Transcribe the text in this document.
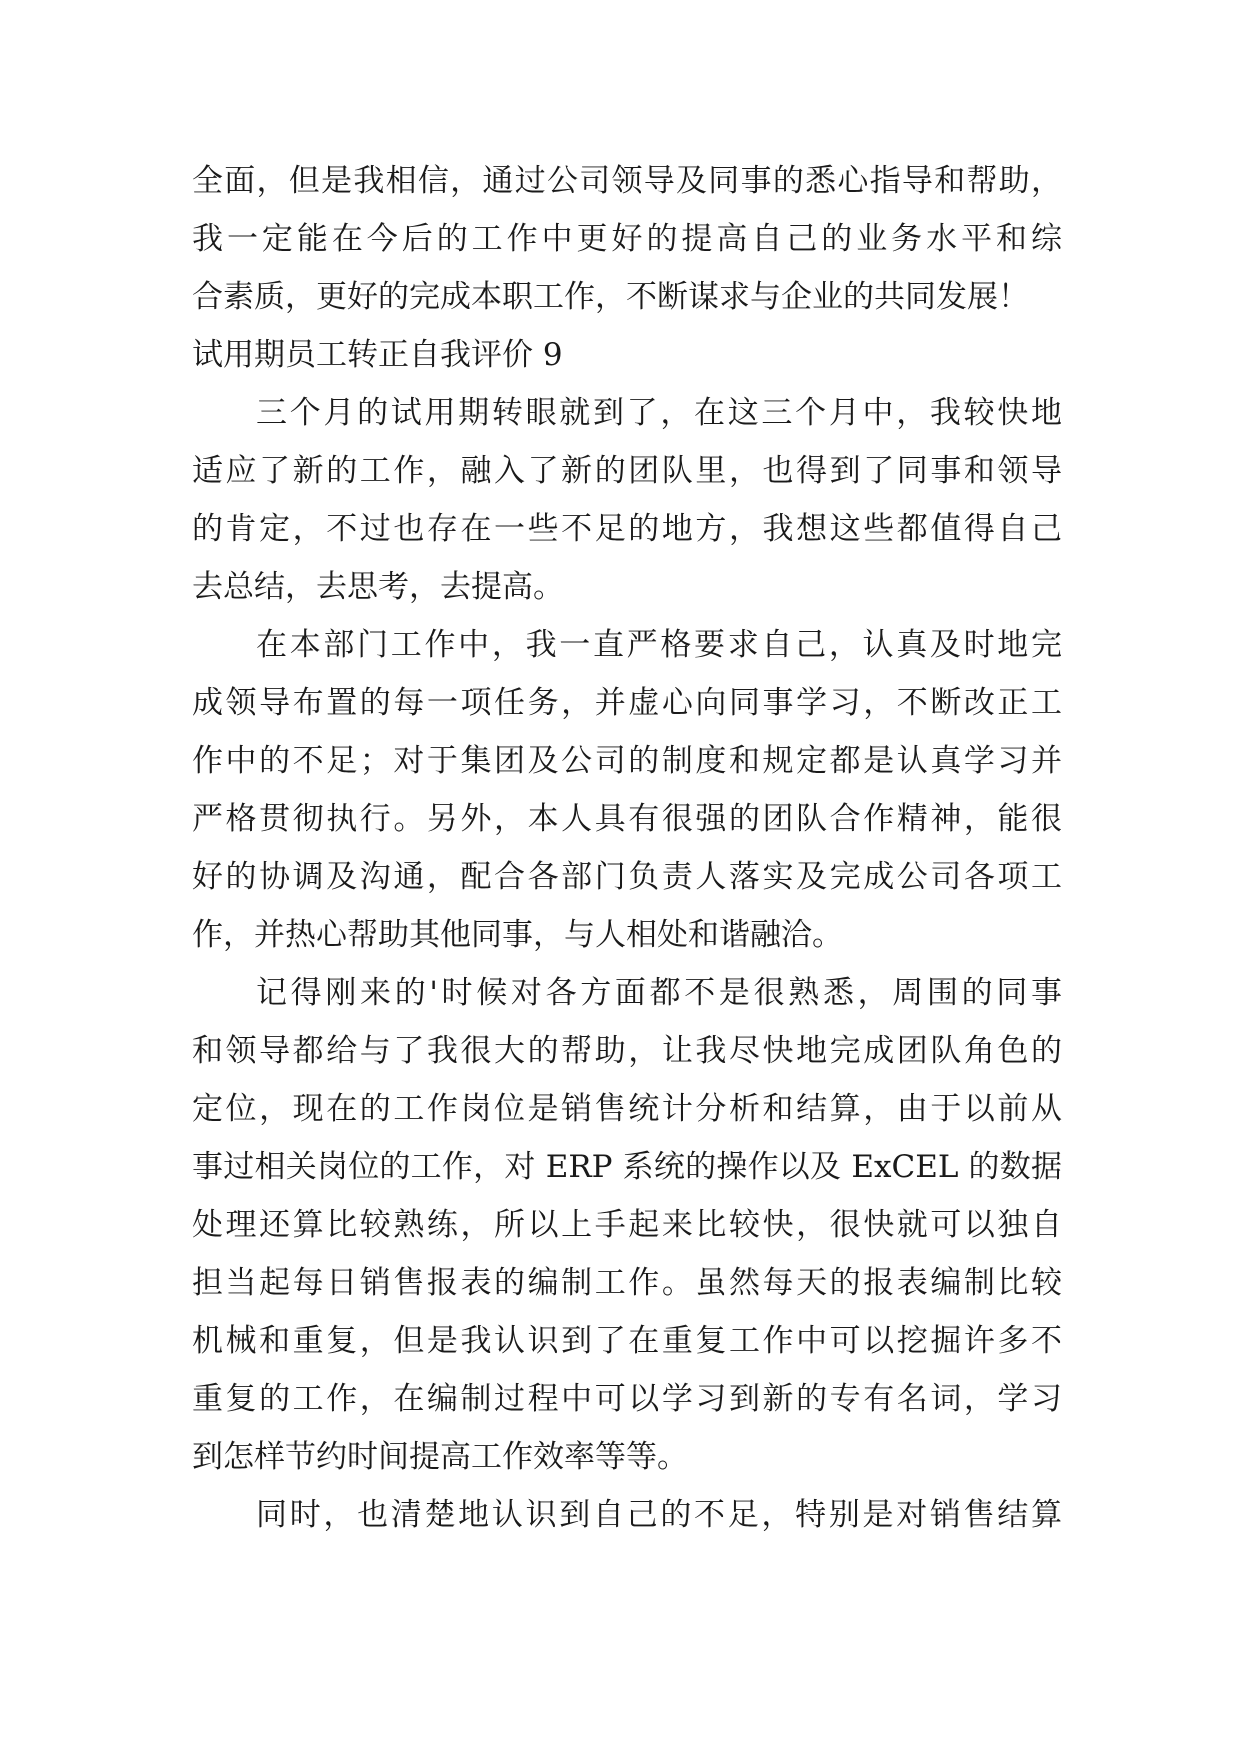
全面，但是我相信，通过公司领导及同事的悉心指导和帮助，
我一定能在今后的工作中更好的提高自己的业务水平和综
合素质，更好的完成本职工作，不断谋求与企业的共同发展！
试用期员工转正自我评价 9
三个月的试用期转眼就到了，在这三个月中，我较快地
适应了新的工作，融入了新的团队里，也得到了同事和领导
的肯定，不过也存在一些不足的地方，我想这些都值得自己
去总结，去思考，去提高。
在本部门工作中，我一直严格要求自己，认真及时地完
成领导布置的每一项任务，并虚心向同事学习，不断改正工
作中的不足；对于集团及公司的制度和规定都是认真学习并
严格贯彻执行。另外，本人具有很强的团队合作精神，能很
好的协调及沟通，配合各部门负责人落实及完成公司各项工
作，并热心帮助其他同事，与人相处和谐融洽。
记得刚来的'时候对各方面都不是很熟悉，周围的同事
和领导都给与了我很大的帮助，让我尽快地完成团队角色的
定位，现在的工作岗位是销售统计分析和结算，由于以前从
事过相关岗位的工作，对 ERP 系统的操作以及 ExCEL 的数据
处理还算比较熟练，所以上手起来比较快，很快就可以独自
担当起每日销售报表的编制工作。虽然每天的报表编制比较
机械和重复，但是我认识到了在重复工作中可以挖掘许多不
重复的工作，在编制过程中可以学习到新的专有名词，学习
到怎样节约时间提高工作效率等等。
同时，也清楚地认识到自己的不足，特别是对销售结算
